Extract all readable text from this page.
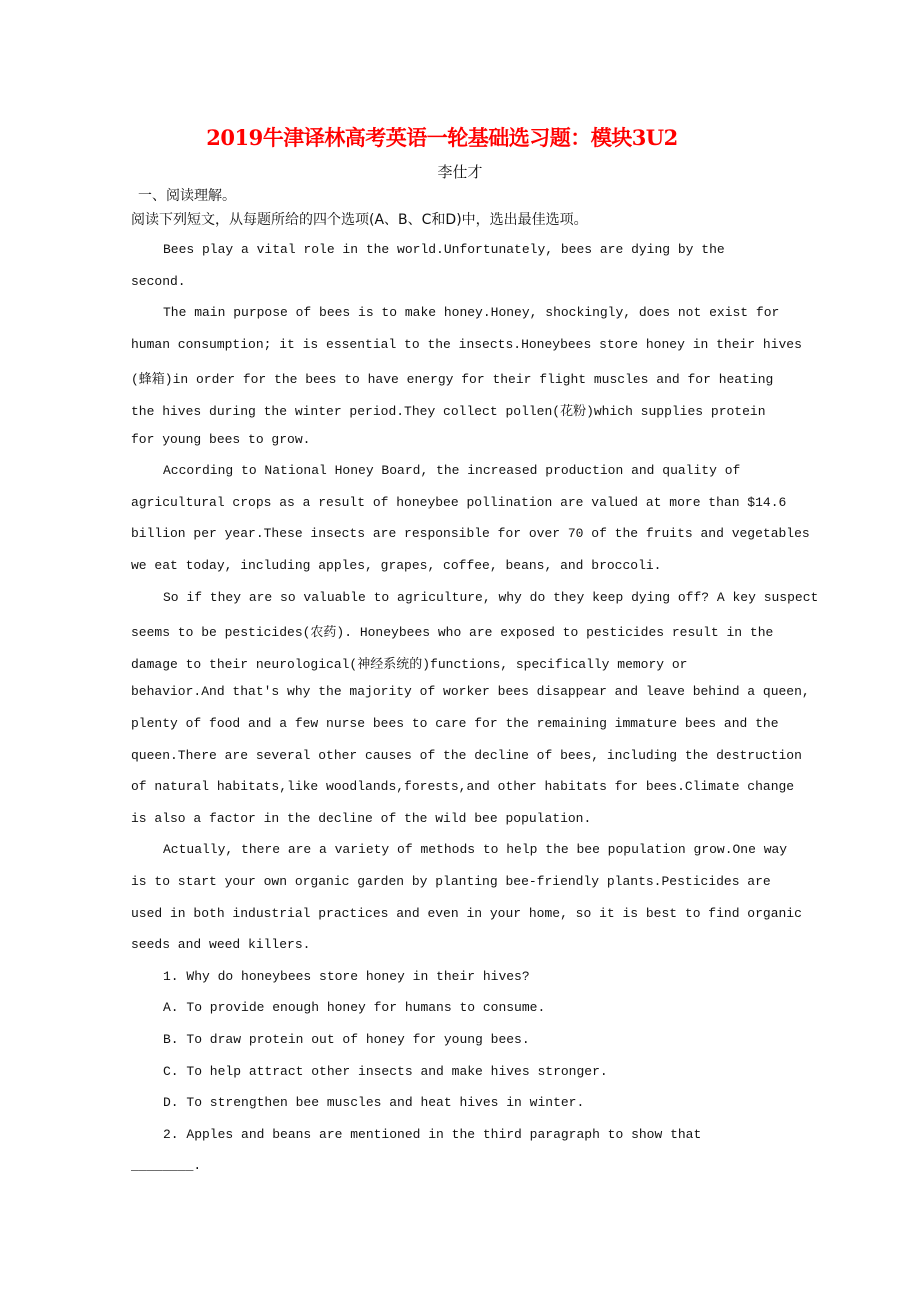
2019牛津译林高考英语一轮基础选习题：模块3U2
李仕才
一、阅读理解。
阅读下列短文，从每题所给的四个选项(A、B、C和D)中，选出最佳选项。
Bees play a vital role in the world.Unfortunately, bees are dying by the
second.
The main purpose of bees is to make honey.Honey, shockingly, does not exist for
human consumption; it is essential to the insects.Honeybees store honey in their hives
(蜂箱)in order for the bees to have energy for their flight muscles and for heating
the hives during the winter period.They collect pollen(花粉)which supplies protein
for young bees to grow.
According to National Honey Board, the increased production and quality of
agricultural crops as a result of honeybee pollination are valued at more than $14.6
billion per year.These insects are responsible for over 70 of the fruits and vegetables
we eat today, including apples, grapes, coffee, beans, and broccoli.
So if they are so valuable to agriculture, why do they keep dying off? A key suspect
seems to be pesticides(农药). Honeybees who are exposed to pesticides result in the
damage to their neurological(神经系统的)functions, specifically memory or
behavior.And that's why the majority of worker bees disappear and leave behind a queen,
plenty of food and a few nurse bees to care for the remaining immature bees and the
queen.There are several other causes of the decline of bees, including the destruction
of natural habitats,like woodlands,forests,and other habitats for bees.Climate change
is also a factor in the decline of the wild bee population.
Actually, there are a variety of methods to help the bee population grow.One way
is to start your own organic garden by planting bee-friendly plants.Pesticides are
used in both industrial practices and even in your home, so it is best to find organic
seeds and weed killers.
1. Why do honeybees store honey in their hives?
A. To provide enough honey for humans to consume.
B. To draw protein out of honey for young bees.
C. To help attract other insects and make hives stronger.
D. To strengthen bee muscles and heat hives in winter.
2. Apples and beans are mentioned in the third paragraph to show that
________.
